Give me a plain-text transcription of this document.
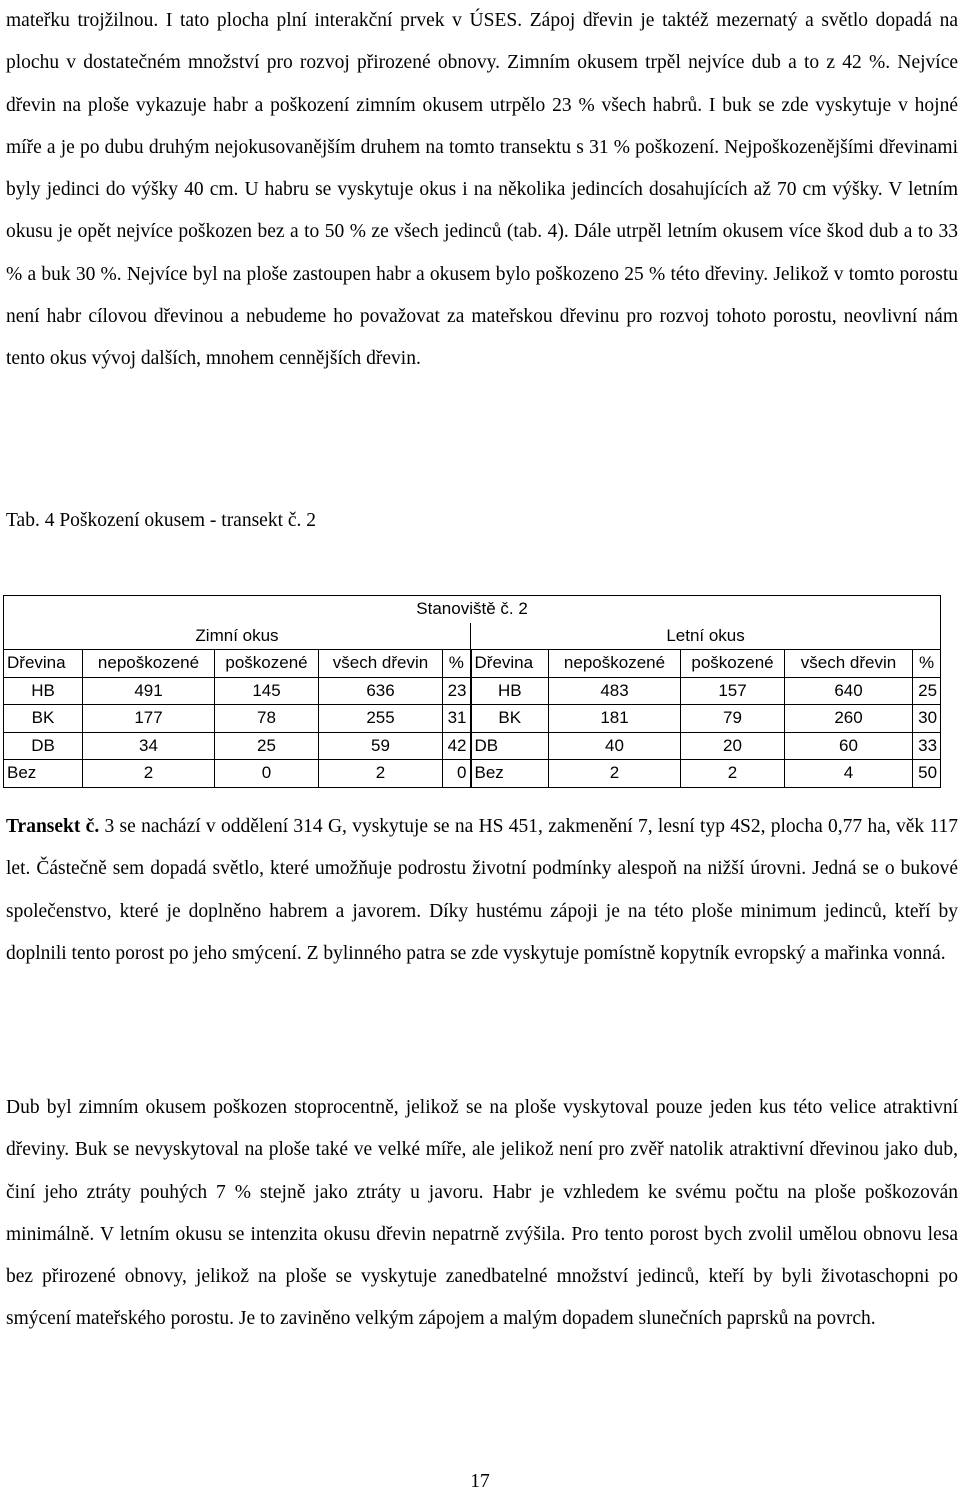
mateřku trojžilnou. I tato plocha plní interakční prvek v ÚSES. Zápoj dřevin je taktéž mezernatý a světlo dopadá na plochu v dostatečném množství pro rozvoj přirozené obnovy. Zimním okusem trpěl nejvíce dub a to z 42 %. Nejvíce dřevin na ploše vykazuje habr a poškození zimním okusem utrpělo 23 % všech habrů. I buk se zde vyskytuje v hojné míře a je po dubu druhým nejokusovanějším druhem na tomto transektu s 31 % poškození. Nejpoškozenějšími dřevinami byly jedinci do výšky 40 cm. U habru se vyskytuje okus i na několika jedincích dosahujících až 70 cm výšky. V letním okusu je opět nejvíce poškozen bez a to 50 % ze všech jedinců (tab. 4). Dále utrpěl letním okusem více škod dub a to 33 % a buk 30 %. Nejvíce byl na ploše zastoupen habr a okusem bylo poškozeno 25 % této dřeviny. Jelikož v tomto porostu není habr cílovou dřevinou a nebudeme ho považovat za mateřskou dřevinu pro rozvoj tohoto porostu, neovlivní nám tento okus vývoj dalších, mnohem cennějších dřevin.

Tab. 4 Poškození okusem - transekt č. 2

Stanoviště č. 2									
Zimní okus					Letní okus				
Dřevina	nepoškozené	poškozené	všech dřevin	%	Dřevina	nepoškozené	poškozené	všech dřevin	%
HB	491	145	636	23	HB	483	157	640	25
BK	177	78	255	31	BK	181	79	260	30
DB	34	25	59	42	DB	40	20	60	33
Bez	2	0	2	0	Bez	2	2	4	50

Transekt č. 3 se nachází v oddělení 314 G, vyskytuje se na HS 451, zakmenění 7, lesní typ 4S2, plocha 0,77 ha, věk 117 let. Částečně sem dopadá světlo, které umožňuje podrostu životní podmínky alespoň na nižší úrovni. Jedná se o bukové společenstvo, které je doplněno habrem a javorem. Díky hustému zápoji je na této ploše minimum jedinců, kteří by doplnili tento porost po jeho smýcení. Z bylinného patra se zde vyskytuje pomístně kopytník evropský a mařinka vonná.

Dub byl zimním okusem poškozen stoprocentně, jelikož se na ploše vyskytoval pouze jeden kus této velice atraktivní dřeviny. Buk se nevyskytoval na ploše také ve velké míře, ale jelikož není pro zvěř natolik atraktivní dřevinou jako dub, činí jeho ztráty pouhých 7 % stejně jako ztráty u javoru. Habr je vzhledem ke svému počtu na ploše poškozován minimálně. V letním okusu se intenzita okusu dřevin nepatrně zvýšila. Pro tento porost bych zvolil umělou obnovu lesa bez přirozené obnovy, jelikož na ploše se vyskytuje zanedbatelné množství jedinců, kteří by byli životaschopni po smýcení mateřského porostu. Je to zaviněno velkým zápojem a malým dopadem slunečních paprsků na povrch.

17
